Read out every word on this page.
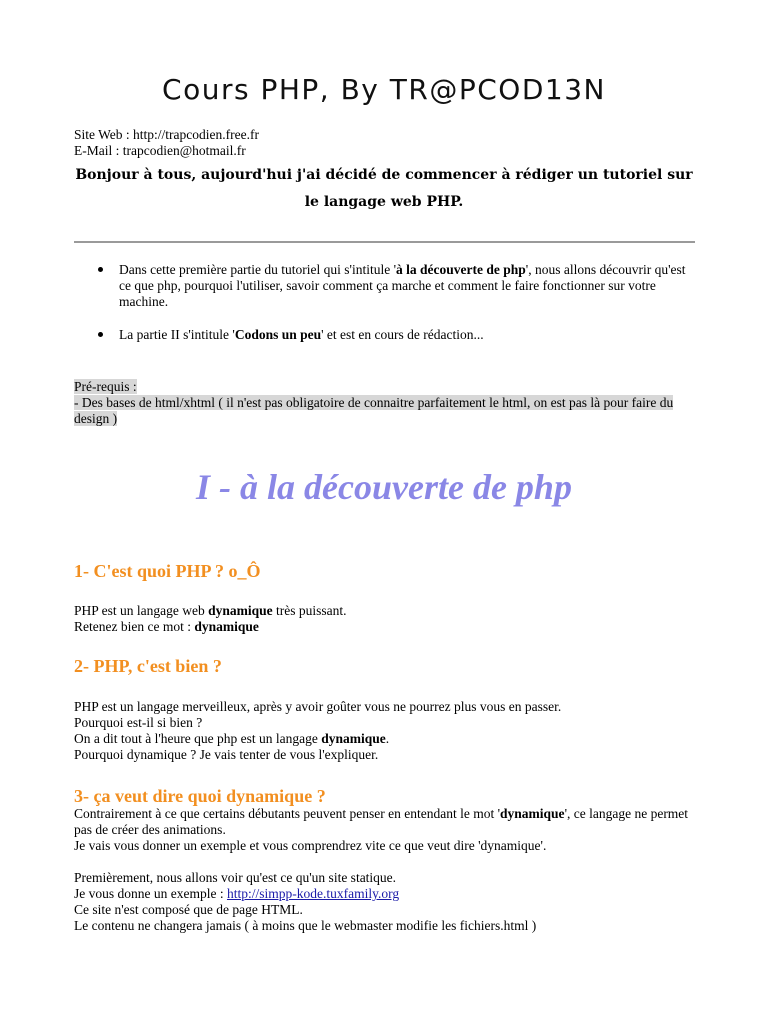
Cours PHP, By TR@PCOD13N
Site Web : http://trapcodien.free.fr
E-Mail : trapcodien@hotmail.fr
Bonjour à tous, aujourd'hui j'ai décidé de commencer à rédiger un tutoriel sur
le langage web PHP.
Dans cette première partie du tutoriel qui s'intitule 'à la découverte de php', nous allons découvrir qu'est ce que php, pourquoi l'utiliser, savoir comment ça marche et comment le faire fonctionner sur votre machine.
La partie II s'intitule 'Codons un peu' et est en cours de rédaction...
Pré-requis :
- Des bases de html/xhtml ( il n'est pas obligatoire de connaitre parfaitement le html, on est pas là pour faire du design )
I - à la découverte de php
1- C'est quoi PHP ? o_Ô
PHP est un langage web dynamique très puissant.
Retenez bien ce mot : dynamique
2- PHP, c'est bien ?
PHP est un langage merveilleux, après y avoir goûter vous ne pourrez plus vous en passer.
Pourquoi est-il si bien ?
On a dit tout à l'heure que php est un langage dynamique.
Pourquoi dynamique ? Je vais tenter de vous l'expliquer.
3- ça veut dire quoi dynamique ?
Contrairement à ce que certains débutants peuvent penser en entendant le mot 'dynamique', ce langage ne permet pas de créer des animations.
Je vais vous donner un exemple et vous comprendrez vite ce que veut dire 'dynamique'.
Premièrement, nous allons voir qu'est ce qu'un site statique.
Je vous donne un exemple : http://simpp-kode.tuxfamily.org
Ce site n'est composé que de page HTML.
Le contenu ne changera jamais ( à moins que le webmaster modifie les fichiers.html )
